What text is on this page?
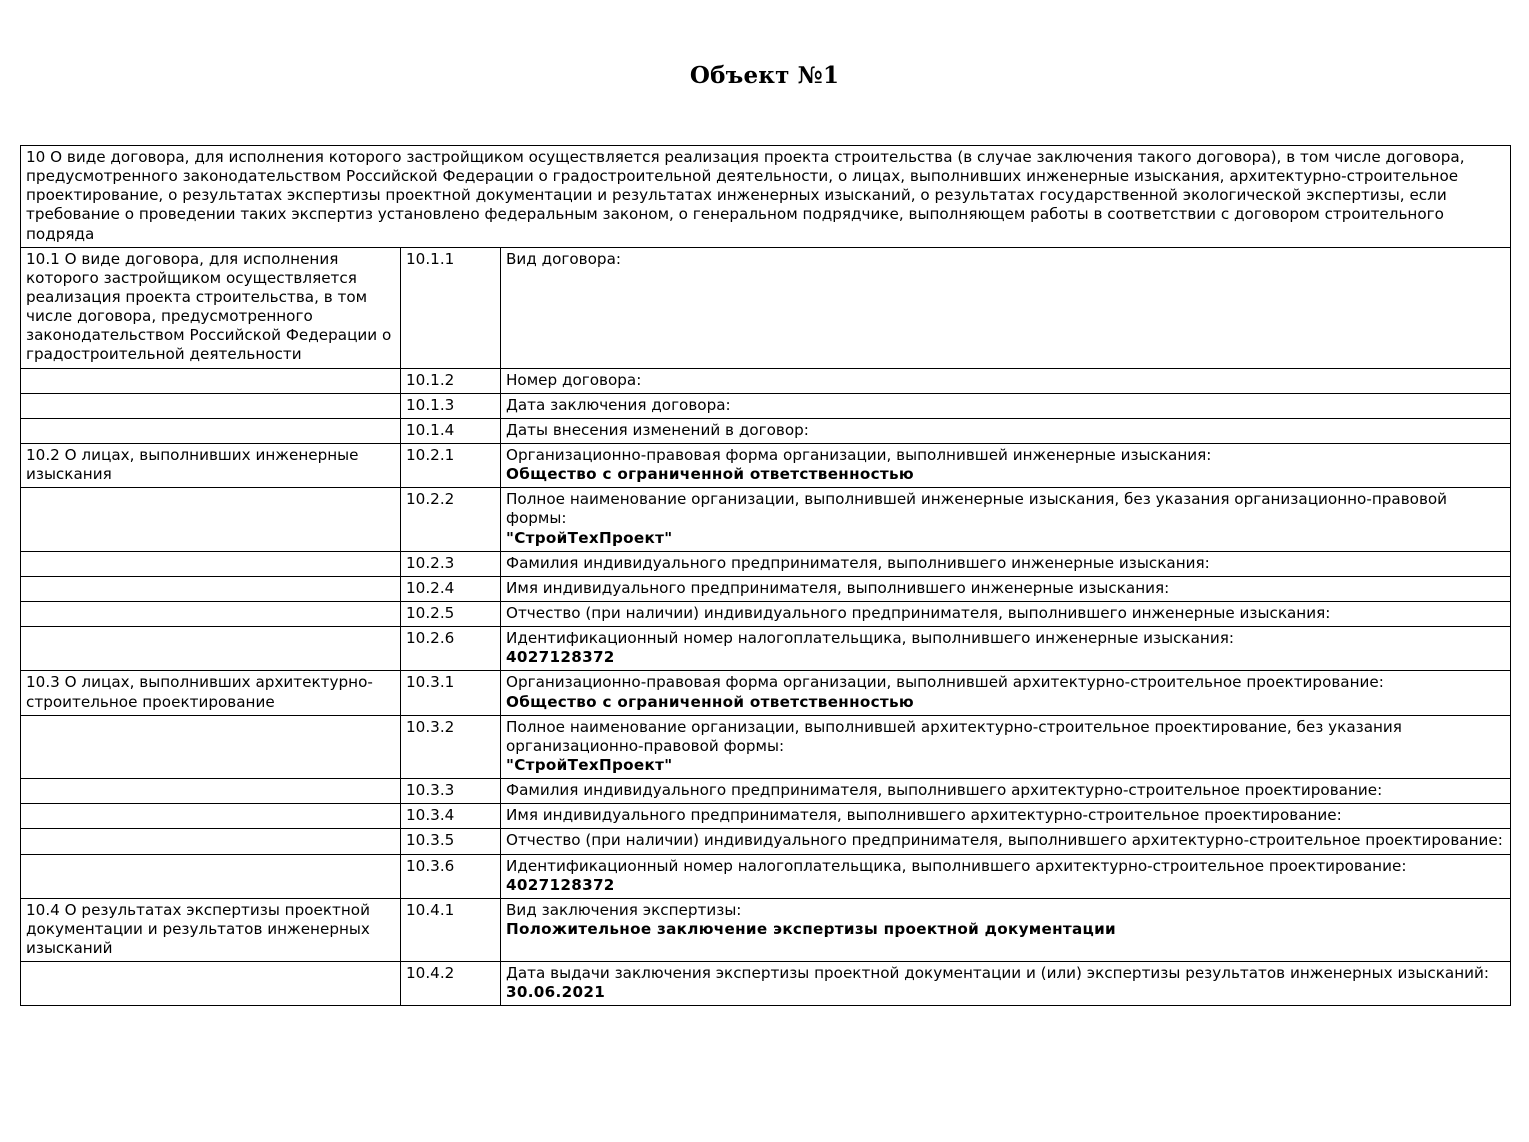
Объект №1
10 О виде договора, для исполнения которого застройщиком осуществляется реализация проекта строительства (в случае заключения такого договора), в том числе договора, предусмотренного законодательством Российской Федерации о градостроительной деятельности, о лицах, выполнивших инженерные изыскания, архитектурно-строительное проектирование, о результатах экспертизы проектной документации и результатах инженерных изысканий, о результатах государственной экологической экспертизы, если требование о проведении таких экспертиз установлено федеральным законом, о генеральном подрядчике, выполняющем работы в соответствии с договором строительного подряда		
10.1 О виде договора, для исполнения которого застройщиком осуществляется реализация проекта строительства, в том числе договора, предусмотренного законодательством Российской Федерации о градостроительной деятельности	10.1.1	Вид договора:

	10.1.2	Номер договора:

	10.1.3	Дата заключения договора:

	10.1.4	Даты внесения изменений в договор:

10.2 О лицах, выполнивших инженерные изыскания	10.2.1	Организационно-правовая форма организации, выполнившей инженерные изыскания:
Общество с ограниченной ответственностью

	10.2.2	Полное наименование организации, выполнившей инженерные изыскания, без указания организационно-правовой формы:
"СтройТехПроект"

	10.2.3	Фамилия индивидуального предпринимателя, выполнившего инженерные изыскания:

	10.2.4	Имя индивидуального предпринимателя, выполнившего инженерные изыскания:

	10.2.5	Отчество (при наличии) индивидуального предпринимателя, выполнившего инженерные изыскания:

	10.2.6	Идентификационный номер налогоплательщика, выполнившего инженерные изыскания:
4027128372

10.3 О лицах, выполнивших архитектурно-строительное проектирование	10.3.1	Организационно-правовая форма организации, выполнившей архитектурно-строительное проектирование:
Общество с ограниченной ответственностью

	10.3.2	Полное наименование организации, выполнившей архитектурно-строительное проектирование, без указания организационно-правовой формы:
"СтройТехПроект"

	10.3.3	Фамилия индивидуального предпринимателя, выполнившего архитектурно-строительное проектирование:

	10.3.4	Имя индивидуального предпринимателя, выполнившего архитектурно-строительное проектирование:

	10.3.5	Отчество (при наличии) индивидуального предпринимателя, выполнившего архитектурно-строительное проектирование:

	10.3.6	Идентификационный номер налогоплательщика, выполнившего архитектурно-строительное проектирование:
4027128372

10.4 О результатах экспертизы проектной документации и результатов инженерных изысканий	10.4.1	Вид заключения экспертизы:
Положительное заключение экспертизы проектной документации

	10.4.2	Дата выдачи заключения экспертизы проектной документации и (или) экспертизы результатов инженерных изысканий:
30.06.2021
